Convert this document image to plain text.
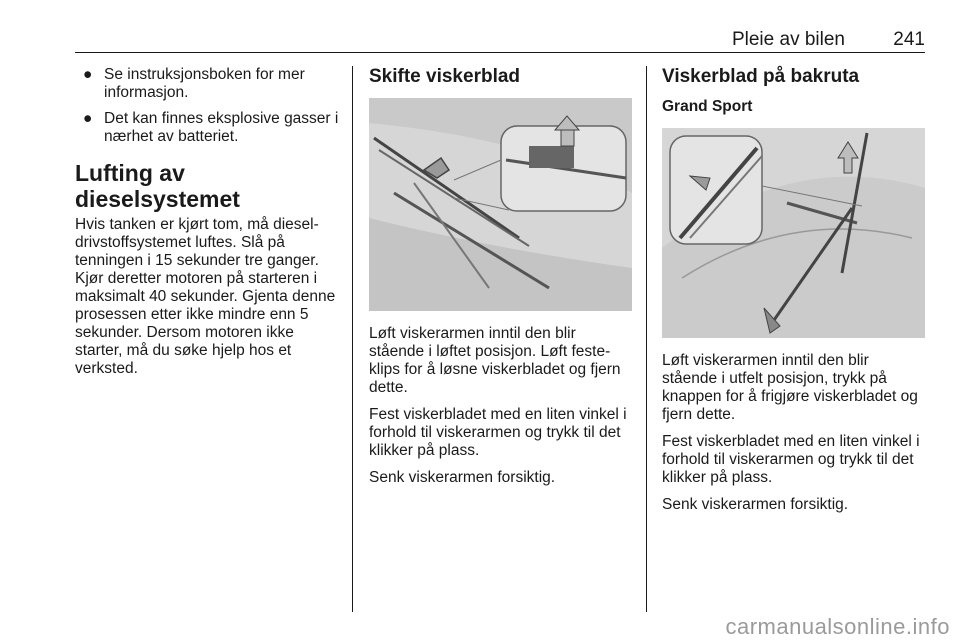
Pleie av bilen	241
● Se instruksjonsboken for mer informasjon.
● Det kan finnes eksplosive gasser i nærhet av batteriet.
Lufting av dieselsystemet

Hvis tanken er kjørt tom, må dieseldrivstoffsystemet luftes. Slå på tenningen i 15 sekunder tre ganger. Kjør deretter motoren på starteren i maksimalt 40 sekunder. Gjenta denne prosessen etter ikke mindre enn 5 sekunder. Dersom motoren ikke starter, må du søke hjelp hos et verksted.

Skifte viskerblad

Løft viskerarmen inntil den blir stående i løftet posisjon. Løft festeklips for å løsne viskerbladet og fjern dette.

Fest viskerbladet med en liten vinkel i forhold til viskerarmen og trykk til det klikker på plass.

Senk viskerarmen forsiktig.

Viskerblad på bakruta
Grand Sport

Løft viskerarmen inntil den blir stående i utfelt posisjon, trykk på knappen for å frigjøre viskerbladet og fjern dette.

Fest viskerbladet med en liten vinkel i forhold til viskerarmen og trykk til det klikker på plass.

Senk viskerarmen forsiktig.

carmanualsonline.info
